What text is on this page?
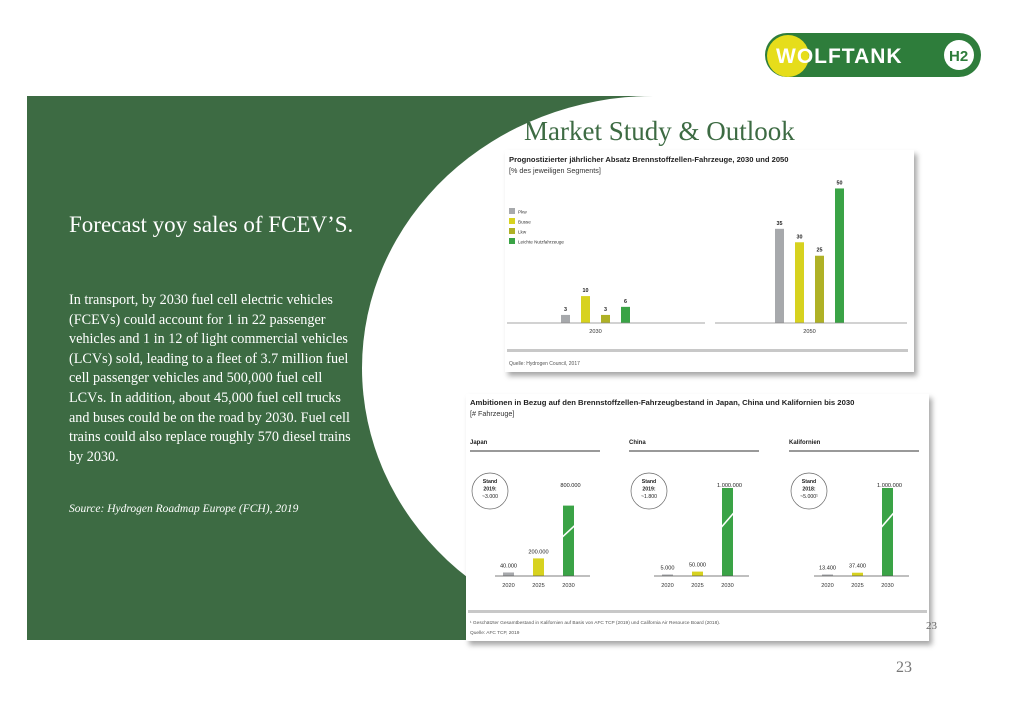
WOLFTANK	H2
Market Study & Outlook
Forecast yoy sales of FCEV’S.
In transport, by 2030 fuel cell electric vehicles (FCEVs) could account for 1 in 22 passenger vehicles and 1 in 12 of light commercial vehicles (LCVs) sold, leading to a fleet of 3.7 million fuel cell passenger vehicles and 500,000 fuel cell LCVs. In addition, about 45,000 fuel cell trucks and buses could be on the road by 2030. Fuel cell trains could also replace roughly 570 diesel trains by 2030.
Source: Hydrogen Roadmap Europe (FCH), 2019
Prognostizierter jährlicher Absatz Brennstoffzellen-Fahrzeuge, 2030 und 2050
[% des jeweiligen Segments]
Pkw
Busse
Lkw
Leichte Nutzfahrzeuge
3
10
3
6
2030
35
30
25
50
2050
Quelle: Hydrogen Council, 2017
Ambitionen in Bezug auf den Brennstoffzellen-Fahrzeugbestand in Japan, China und Kalifornien bis 2030
[# Fahrzeuge]
Japan
Stand
2019:
~3.000
40.000
2020
200.000
2025
800.000
2030
China
Stand
2019:
~1.800
5.000
2020
50.000
2025
1.000.000
2030
Kalifornien
Stand
2018:
~5.000¹
13.400
2020
37.400
2025
1.000.000
2030
¹ Geschätzter Gesamtbestand in Kalifornien auf Basis von AFC TCP (2019) und California Air Resource Board (2018).
Quelle: AFC TCP, 2019
23
23
